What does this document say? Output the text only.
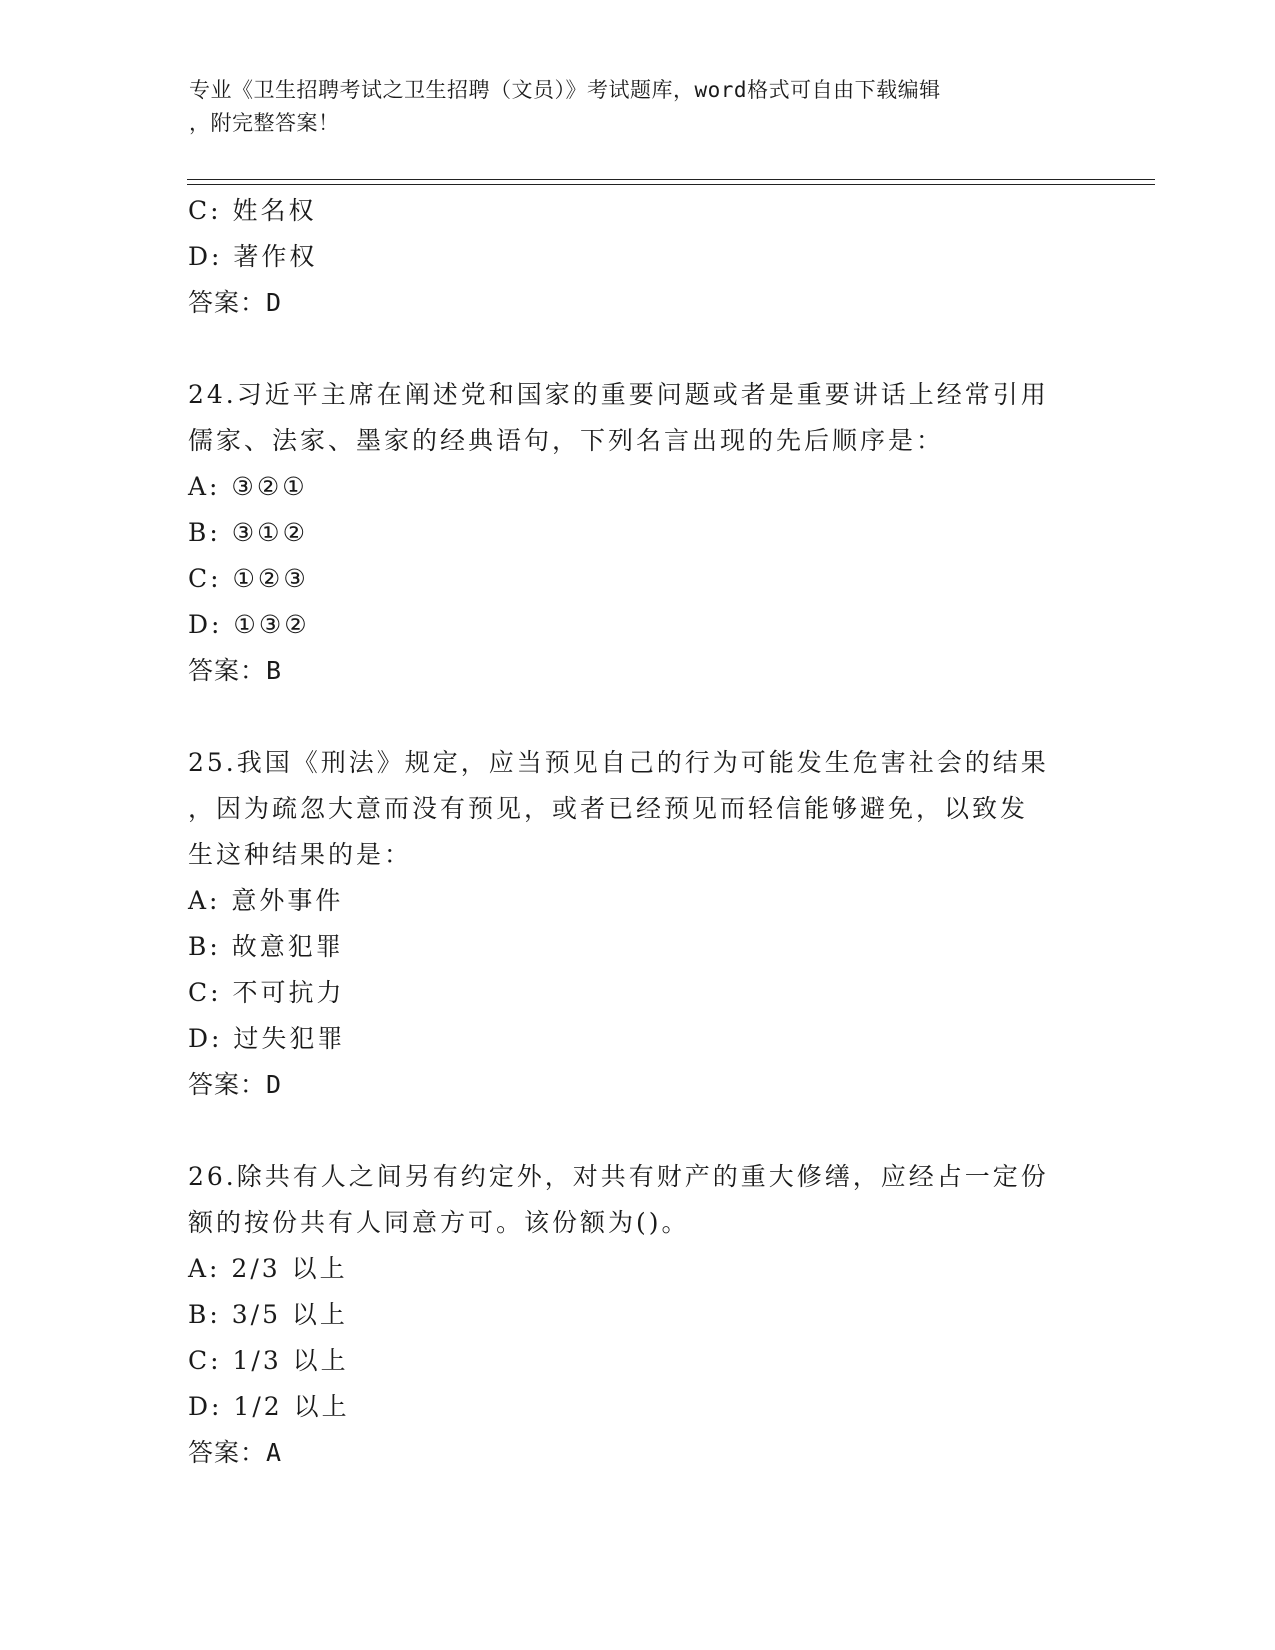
专业《卫生招聘考试之卫生招聘（文员）》考试题库，word格式可自由下载编辑
，附完整答案！
C: 姓名权
D: 著作权
答案：D
24.习近平主席在阐述党和国家的重要问题或者是重要讲话上经常引用
儒家、法家、墨家的经典语句，下列名言出现的先后顺序是：
A: ③②①
B: ③①②
C: ①②③
D: ①③②
答案：B
25.我国《刑法》规定，应当预见自己的行为可能发生危害社会的结果
，因为疏忽大意而没有预见，或者已经预见而轻信能够避免，以致发
生这种结果的是：
A: 意外事件
B: 故意犯罪
C: 不可抗力
D: 过失犯罪
答案：D
26.除共有人之间另有约定外，对共有财产的重大修缮，应经占一定份
额的按份共有人同意方可。该份额为()。
A: 2/3 以上
B: 3/5 以上
C: 1/3 以上
D: 1/2 以上
答案：A
